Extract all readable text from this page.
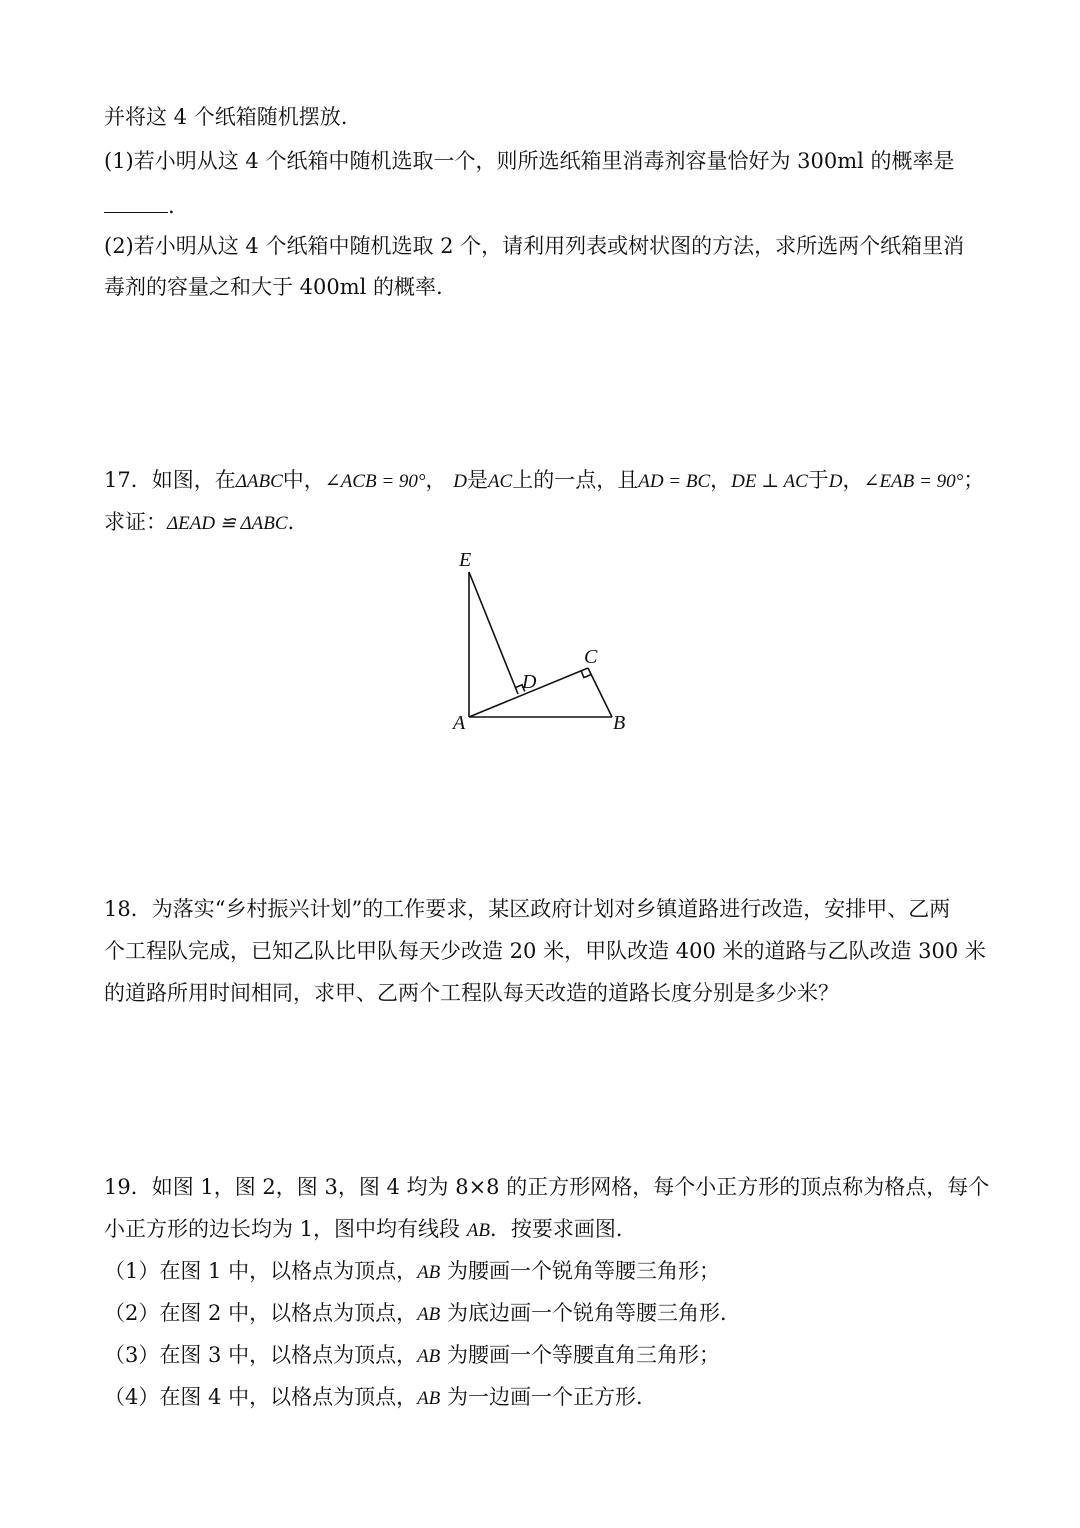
并将这 4 个纸箱随机摆放.
(1)若小明从这 4 个纸箱中随机选取一个，则所选纸箱里消毒剂容量恰好为 300ml 的概率是
.
(2)若小明从这 4 个纸箱中随机选取 2 个，请利用列表或树状图的方法，求所选两个纸箱里消
毒剂的容量之和大于 400ml 的概率.
17．如图，在ΔABC中，∠ACB = 90°， D是AC上的一点，且AD = BC，DE ⊥ AC于D，∠EAB = 90°；
求证：ΔEAD ≌ ΔABC.
E
C
D
A	B
18．为落实“乡村振兴计划”的工作要求，某区政府计划对乡镇道路进行改造，安排甲、乙两
个工程队完成，已知乙队比甲队每天少改造 20 米，甲队改造 400 米的道路与乙队改造 300 米
的道路所用时间相同，求甲、乙两个工程队每天改造的道路长度分别是多少米？
19．如图 1，图 2，图 3，图 4 均为 8×8 的正方形网格，每个小正方形的顶点称为格点，每个
小正方形的边长均为 1，图中均有线段 AB．按要求画图．
（1）在图 1 中，以格点为顶点，AB 为腰画一个锐角等腰三角形；
（2）在图 2 中，以格点为顶点，AB 为底边画一个锐角等腰三角形．
（3）在图 3 中，以格点为顶点，AB 为腰画一个等腰直角三角形；
（4）在图 4 中，以格点为顶点，AB 为一边画一个正方形．
